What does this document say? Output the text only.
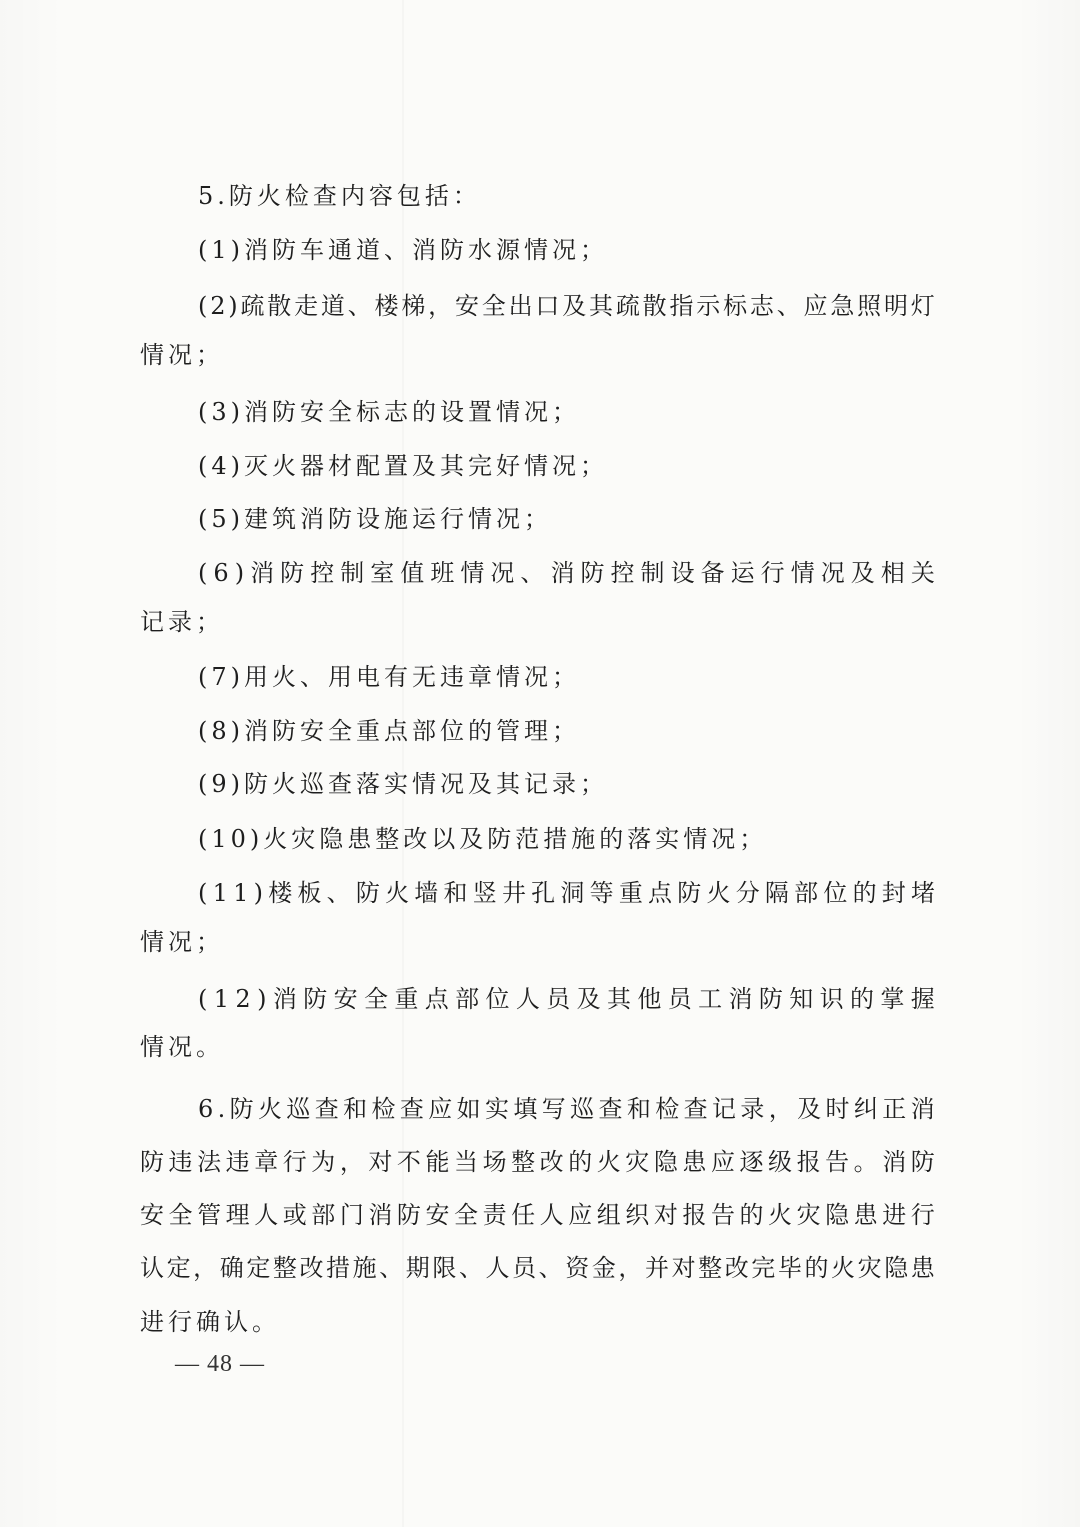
5.防火检查内容包括：
(1)消防车通道、消防水源情况；
( 2 ) 疏 散 走 道 、 楼 梯 ， 安 全 出 口 及 其 疏 散 指 示 标 志 、 应 急 照 明 灯
情况；
(3)消防安全标志的设置情况；
(4)灭火器材配置及其完好情况；
(5)建筑消防设施运行情况；
( 6 ) 消 防 控 制 室 值 班 情 况 、 消 防 控 制 设 备 运 行 情 况 及 相 关
记录；
(7)用火、用电有无违章情况；
(8)消防安全重点部位的管理；
(9)防火巡查落实情况及其记录；
(10)火灾隐患整改以及防范措施的落实情况；
( 1 1 ) 楼 板 、 防 火 墙 和 竖 井 孔 洞 等 重 点 防 火 分 隔 部 位 的 封 堵
情况；
( 1 2 ) 消 防 安 全 重 点 部 位 人 员 及 其 他 员 工 消 防 知 识 的 掌 握
情况。
6 . 防 火 巡 查 和 检 查 应 如 实 填 写 巡 查 和 检 查 记 录 ， 及 时 纠 正 消
防 违 法 违 章 行 为 ， 对 不 能 当 场 整 改 的 火 灾 隐 患 应 逐 级 报 告 。 消 防
安 全 管 理 人 或 部 门 消 防 安 全 责 任 人 应 组 织 对 报 告 的 火 灾 隐 患 进 行
认 定 ， 确 定 整 改 措 施 、 期 限 、 人 员 、 资 金 ， 并 对 整 改 完 毕 的 火 灾 隐 患
进行确认。
— 48 —
